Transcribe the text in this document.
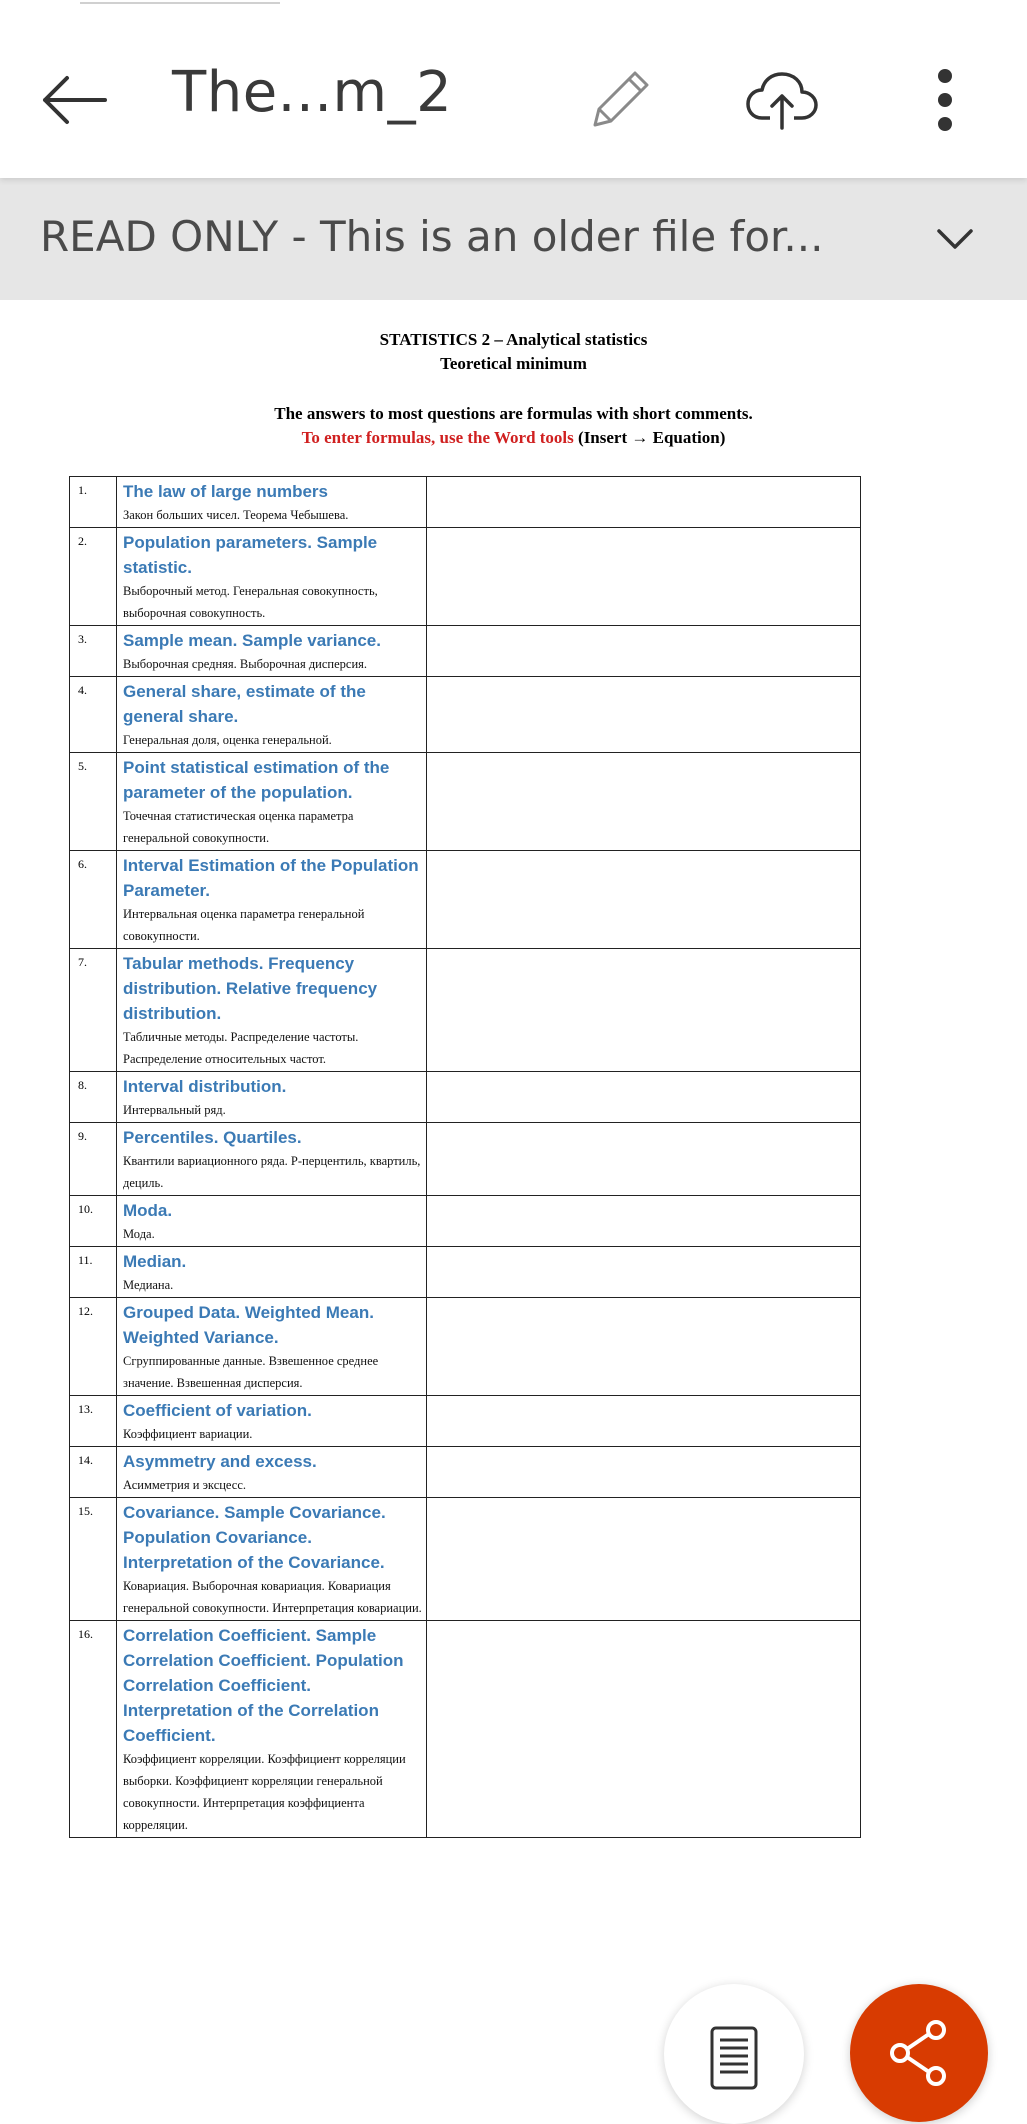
The...m_2
READ ONLY - This is an older file for...
STATISTICS 2 – Analytical statistics
Teoretical minimum
The answers to most questions are formulas with short comments.
To enter formulas, use the Word tools (Insert → Equation)
1.	The law of large numbers
Закон больших чисел. Теорема Чебышева.	

2.	Population parameters. Sample statistic.
Выборочный метод. Генеральная совокупность, выборочная совокупность.	

3.	Sample mean. Sample variance.
Выборочная средняя. Выборочная дисперсия.	

4.	General share, estimate of the general share.
Генеральная доля, оценка генеральной.	

5.	Point statistical estimation of the parameter of the population.
Точечная статистическая оценка параметра генеральной совокупности.	

6.	Interval Estimation of the Population Parameter.
Интервальная оценка параметра генеральной совокупности.	

7.	Tabular methods. Frequency distribution. Relative frequency distribution.
Табличные методы. Распределение частоты. Распределение относительных частот.	

8.	Interval distribution.
Интервальный ряд.	

9.	Percentiles. Quartiles.
Квантили вариационного ряда. P-перцентиль, квартиль, дециль.	

10.	Moda.
Мода.	

11.	Median.
Медиана.	

12.	Grouped Data. Weighted Mean. Weighted Variance.
Сгруппированные данные. Взвешенное среднее значение. Взвешенная дисперсия.	

13.	Coefficient of variation.
Коэффициент вариации.	

14.	Asymmetry and excess.
Асимметрия и эксцесс.	

15.	Covariance. Sample Covariance. Population Covariance. Interpretation of the Covariance.
Ковариация. Выборочная ковариация. Ковариация генеральной совокупности. Интерпретация ковариации.	

16.	Correlation Coefficient. Sample Correlation Coefficient. Population Correlation Coefficient. Interpretation of the Correlation Coefficient.
Коэффициент корреляции. Коэффициент корреляции выборки. Коэффициент корреляции генеральной совокупности. Интерпретация коэффициента корреляции.	
